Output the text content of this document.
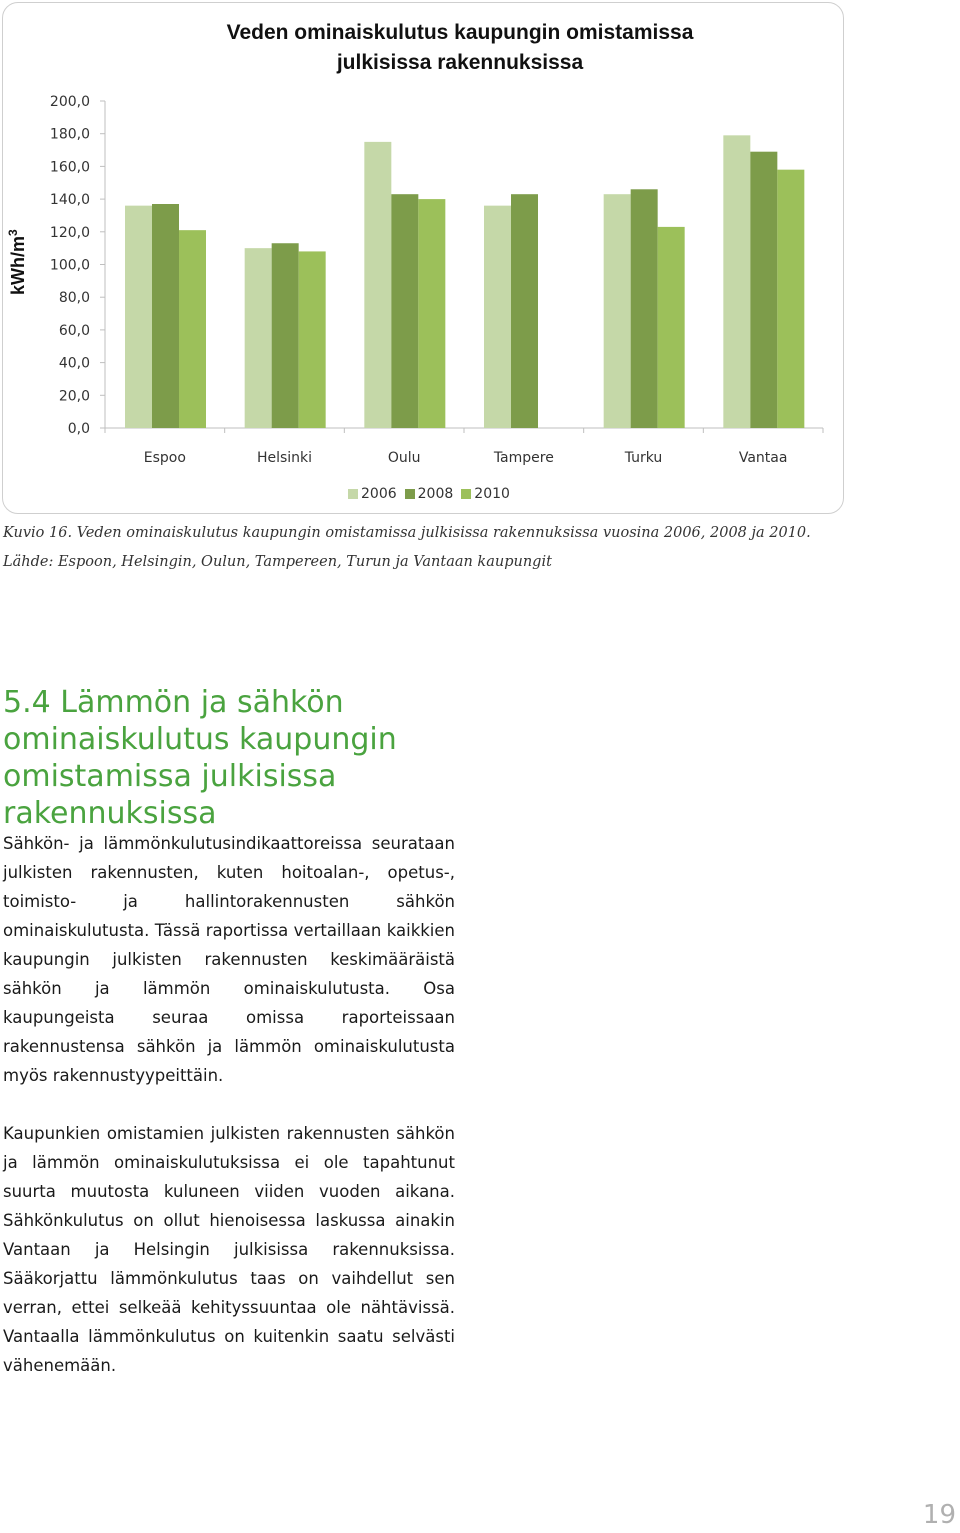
Veden ominaiskulutus kaupungin omistamissa
julkisissa rakennuksissa
kWh/$m^3$
200,0
180,0
160,0
140,0
120,0
100,0
80,0
60,0
40,0
20,0
0,0
Espoo	Helsinki	Oulu	Tampere	Turku	Vantaa
2006 2008 2010

Kuvio 16. Veden ominaiskulutus kaupungin omistamissa julkisissa rakennuksissa vuosina 2006, 2008 ja 2010.

Lähde: Espoon, Helsingin, Oulun, Tampereen, Turun ja Vantaan kaupungit

5.4 Lämmön ja sähkön ominaiskulutus kaupungin omistamissa julkisissa rakennuksissa

Sähkön- ja lämmönkulutusindikaattoreissa seurataan julkisten rakennusten, kuten hoitoalan-, opetus-, toimisto- ja hallintorakennusten sähkön ominaiskulutusta. Tässä raportissa vertaillaan kaikkien kaupungin julkisten rakennusten keskimääräistä sähkön ja lämmön ominaiskulutusta. Osa kaupungeista seuraa omissa raporteissaan rakennustensa sähkön ja lämmön ominaiskulutusta myös rakennustyypeittäin.

Kaupunkien omistamien julkisten rakennusten sähkön ja lämmön ominaiskulutuksissa ei ole tapahtunut suurta muutosta kuluneen viiden vuoden aikana. Sähkönkulutus on ollut hienoisessa laskussa ainakin Vantaan ja Helsingin julkisissa rakennuksissa. Sääkorjattu lämmönkulutus taas on vaihdellut sen verran, ettei selkeää kehityssuuntaa ole nähtävissä. Vantaalla lämmönkulutus on kuitenkin saatu selvästi vähenemään.

19
